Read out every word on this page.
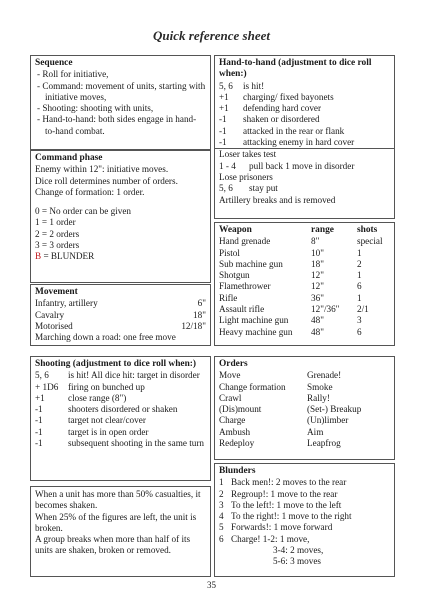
Quick reference sheet
Sequence
- Roll for initiative,
- Command: movement of units, starting with initiative moves,
- Shooting: shooting with units,
- Hand-to-hand: both sides engage in hand-to-hand combat.
Command phase
Enemy within 12": initiative moves.
Dice roll determines number of orders.
Change of formation: 1 order.
0 = No order can be given
1 = 1 order
2 = 2 orders
3 = 3 orders
B = BLUNDER
Movement
Infantry, artillery	6"
Cavalry	18"
Motorised	12/18"
Marching down a road: one free move	
Shooting (adjustment to dice roll when:)
5, 6	is hit! All dice hit: target in disorder
+ 1D6	firing on bunched up
+1	close range (8")
-1	shooters disordered or shaken
-1	target not clear/cover
-1	target is in open order
-1	subsequent shooting in the same turn
When a unit has more than 50% casualties, it becomes shaken.
When 25% of the figures are left, the unit is broken.
A group breaks when more than half of its units are shaken, broken or removed.
Hand-to-hand (adjustment to dice roll when:)
5, 6	is hit!
+1	charging/ fixed bayonets
+1	defending hard cover
-1	shaken or disordered
-1	attacked in the rear or flank
-1	attacking enemy in hard cover
Loser takes test
1 - 4	pull back 1 move in disorder
Lose prisoners
5, 6	stay put
Artillery breaks and is removed
Weapon	range	shots
Hand grenade	8"	special
Pistol	10"	1
Sub machine gun	18"	2
Shotgun	12"	1
Flamethrower	12"	6
Rifle	36"	1
Assault rifle	12"/36"	2/1
Light machine gun	48"	3
Heavy machine gun	48"	6
Orders
Move	Grenade!
Change formation	Smoke
Crawl	Rally!
(Dis)mount	(Set-) Breakup
Charge	(Un)limber
Ambush	Aim
Redeploy	Leapfrog
Blunders
1 Back men!: 2 moves to the rear
2 Regroup!: 1 move to the rear
3 To the left!: 1 move to the left
4 To the right!: 1 move to the right
5 Forwards!: 1 move forward
6 Charge! 1-2: 1 move,
3-4: 2 moves,
5-6: 3 moves
35
